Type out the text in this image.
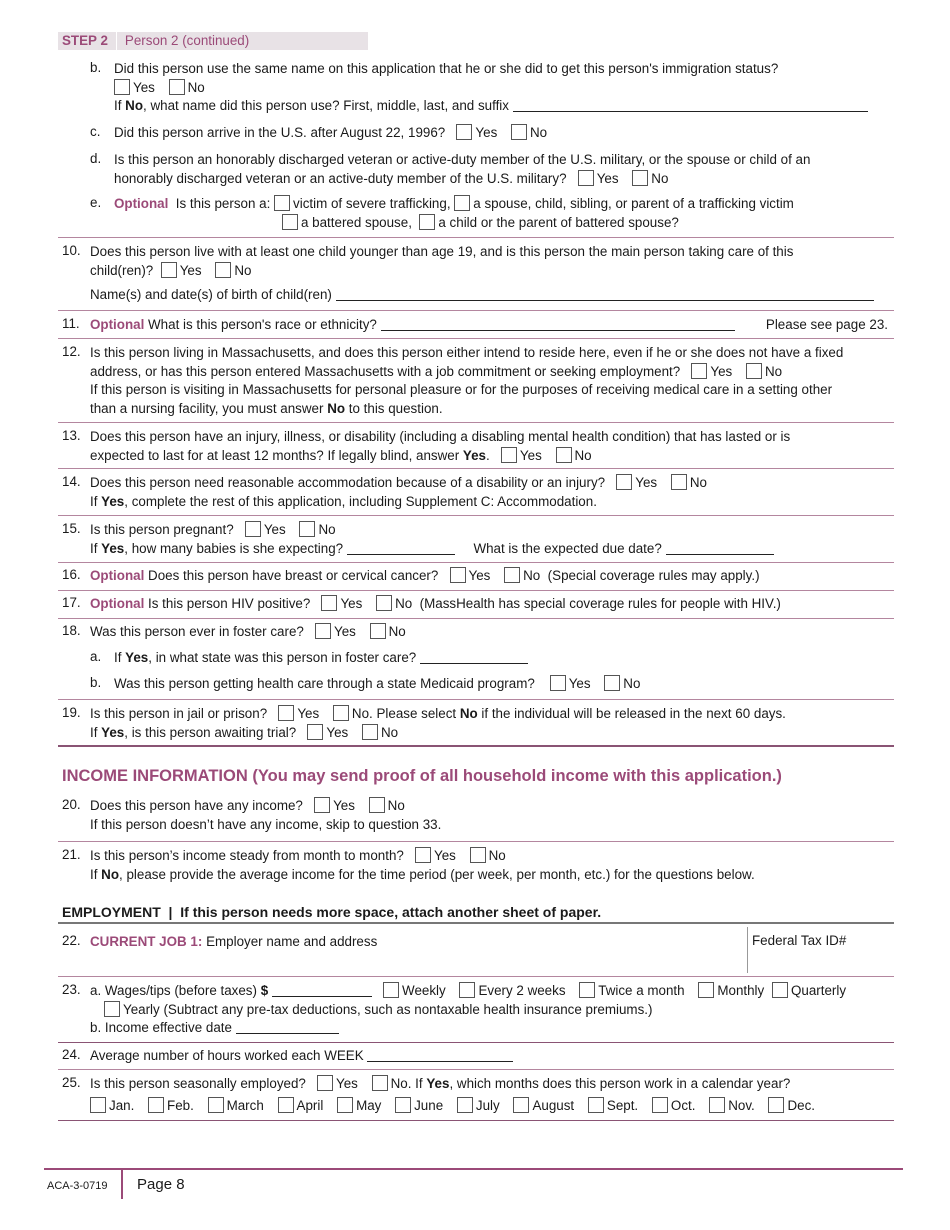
STEP 2 Person 2 (continued)
b. Did this person use the same name on this application that he or she did to get this person's immigration status?
Yes No
If No, what name did this person use? First, middle, last, and suffix
c.	Did this person arrive in the U.S. after August 22, 1996? Yes No
d. Is this person an honorably discharged veteran or active-duty member of the U.S. military, or the spouse or child of an
honorably discharged veteran or an active-duty member of the U.S. military? Yes No
e. Optional Is this person a: victim of severe trafficking, a spouse, child, sibling, or parent of a trafficking victim
a battered spouse, a child or the parent of battered spouse?
10. Does this person live with at least one child younger than age 19, and is this person the main person taking care of this
child(ren)? Yes No
Name(s) and date(s) of birth of child(ren)
11. Optional What is this person's race or ethnicity?	Please see page 23.
12. Is this person living in Massachusetts, and does this person either intend to reside here, even if he or she does not have a fixed
address, or has this person entered Massachusetts with a job commitment or seeking employment? Yes No
If this person is visiting in Massachusetts for personal pleasure or for the purposes of receiving medical care in a setting other
than a nursing facility, you must answer No to this question.
13. Does this person have an injury, illness, or disability (including a disabling mental health condition) that has lasted or is
expected to last for at least 12 months? If legally blind, answer Yes. Yes No
14. Does this person need reasonable accommodation because of a disability or an injury? Yes No
If Yes, complete the rest of this application, including Supplement C: Accommodation.
15. Is this person pregnant? Yes No
If Yes, how many babies is she expecting?	What is the expected due date?
16. Optional Does this person have breast or cervical cancer? Yes No (Special coverage rules may apply.)
17. Optional Is this person HIV positive? Yes No (MassHealth has special coverage rules for people with HIV.)
18. Was this person ever in foster care? Yes No
a. If Yes, in what state was this person in foster care?
b. Was this person getting health care through a state Medicaid program?	Yes No
19. Is this person in jail or prison? Yes No. Please select No if the individual will be released in the next 60 days.
If Yes, is this person awaiting trial? Yes No
INCOME INFORMATION (You may send proof of all household income with this application.)
20. Does this person have any income? Yes No
If this person doesn’t have any income, skip to question 33.
21. Is this person’s income steady from month to month? Yes No
If No, please provide the average income for the time period (per week, per month, etc.) for the questions below.
EMPLOYMENT  |  If this person needs more space, attach another sheet of paper.
22. CURRENT JOB 1: Employer name and address	Federal Tax ID#
23. a. Wages/tips (before taxes) $	Weekly Every 2 weeks Twice a month Monthly Quarterly
Yearly (Subtract any pre-tax deductions, such as nontaxable health insurance premiums.)
b. Income effective date
24. Average number of hours worked each WEEK
25. Is this person seasonally employed? Yes No. If Yes, which months does this person work in a calendar year?
Jan. Feb. March April May June July August Sept. Oct. Nov. Dec.
ACA-3-0719 Page 8
